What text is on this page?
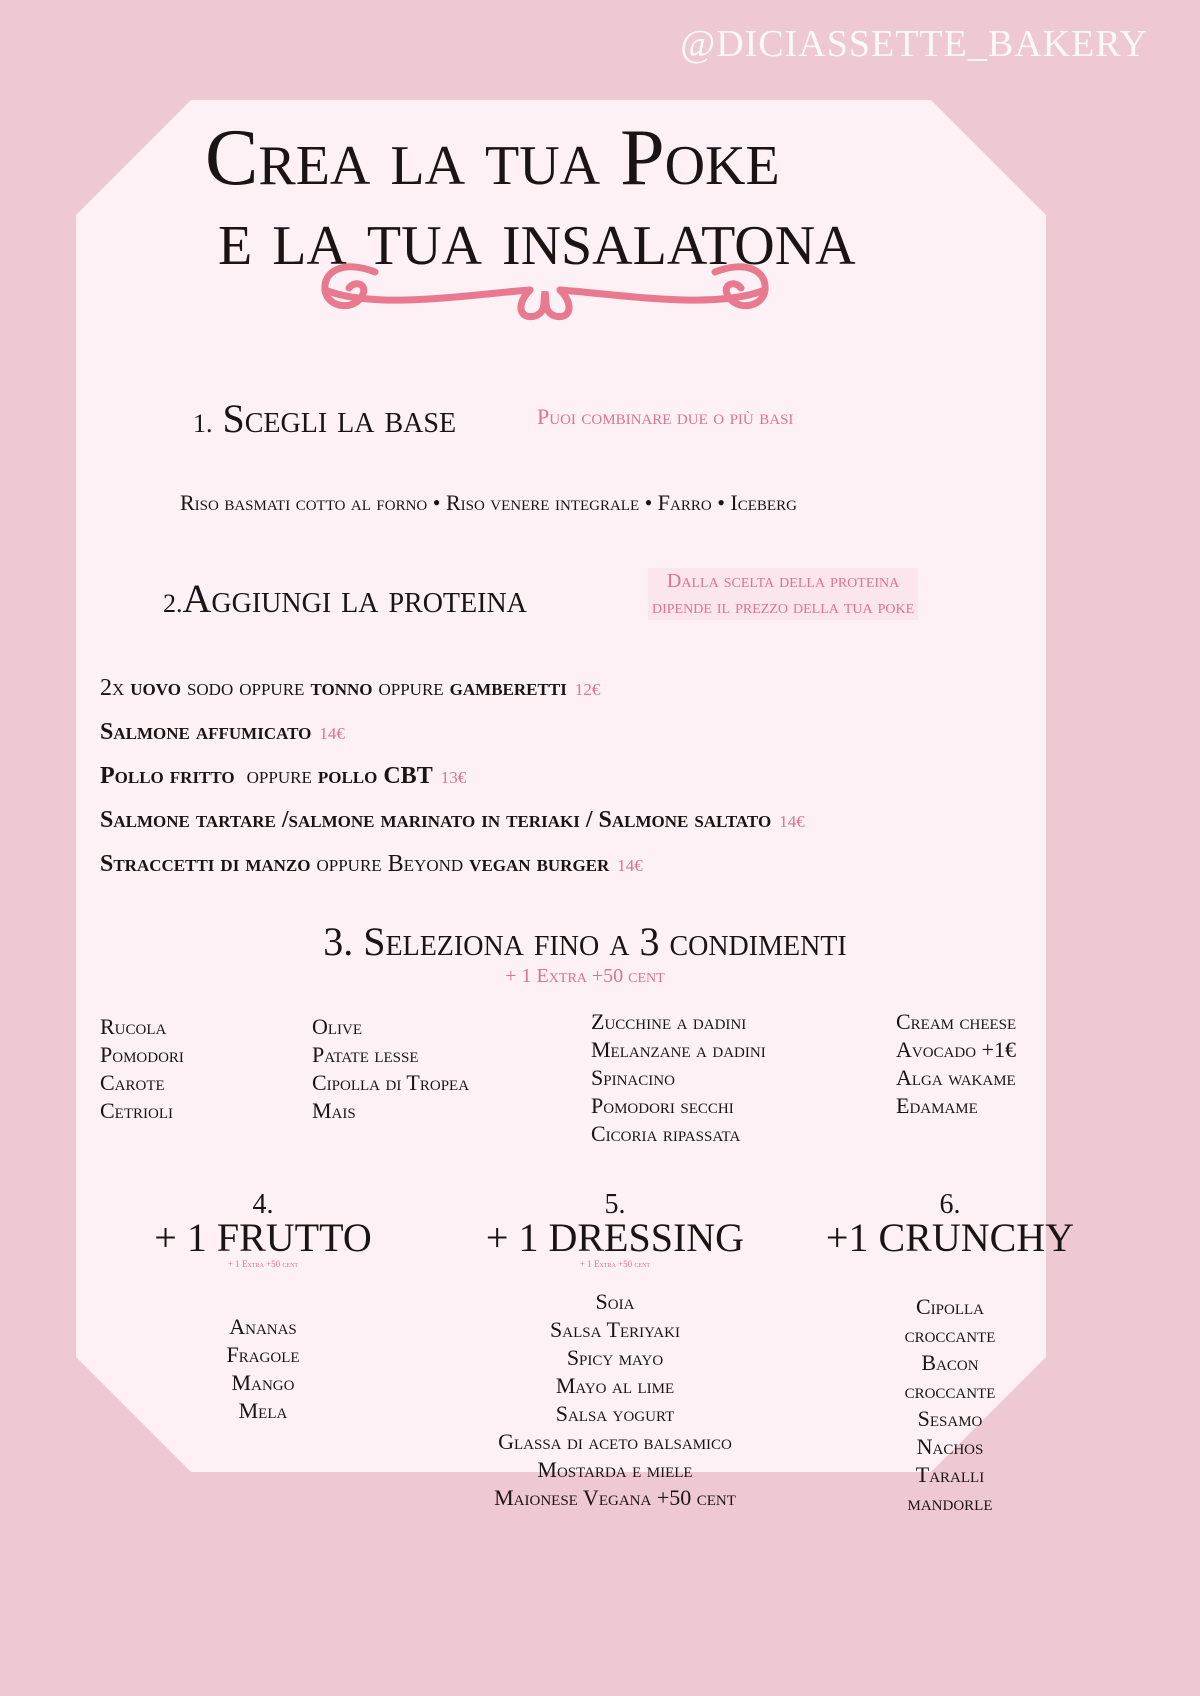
@DICIASSETTE_BAKERY
Crea la tua Poke
e la tua insalatona
1. Scegli la base	Puoi combinare due o più basi
Riso basmati cotto al forno • Riso venere integrale • Farro • Iceberg
2.Aggiungi la proteina	Dalla scelta della proteina
dipende il prezzo della tua poke
2x uovo sodo oppure tonno oppure gamberetti 12€
Salmone affumicato 14€
Pollo fritto  oppure pollo CBT 13€
Salmone tartare /salmone marinato in teriaki / Salmone saltato 14€
Straccetti di manzo oppure Beyond vegan burger 14€
3. Seleziona fino a 3 condimenti
+ 1 Extra +50 cent
Rucola
Pomodori
Carote
Cetrioli
Olive
Patate lesse
Cipolla di Tropea
Mais
Zucchine a dadini
Melanzane a dadini
Spinacino
Pomodori secchi
Cicoria ripassata
Cream cheese
Avocado +1€
Alga wakame
Edamame
4.
+ 1 FRUTTO
+ 1 Extra +50 cent
Ananas
Fragole
Mango
Mela
5.
+ 1 DRESSING
+ 1 Extra +50 cent
Soia
Salsa Teriyaki
Spicy mayo
Mayo al lime
Salsa yogurt
Glassa di aceto balsamico
Mostarda e miele
Maionese Vegana +50 cent
6.
+1 CRUNCHY
Cipolla
croccante
Bacon
croccante
Sesamo
Nachos
Taralli
mandorle
